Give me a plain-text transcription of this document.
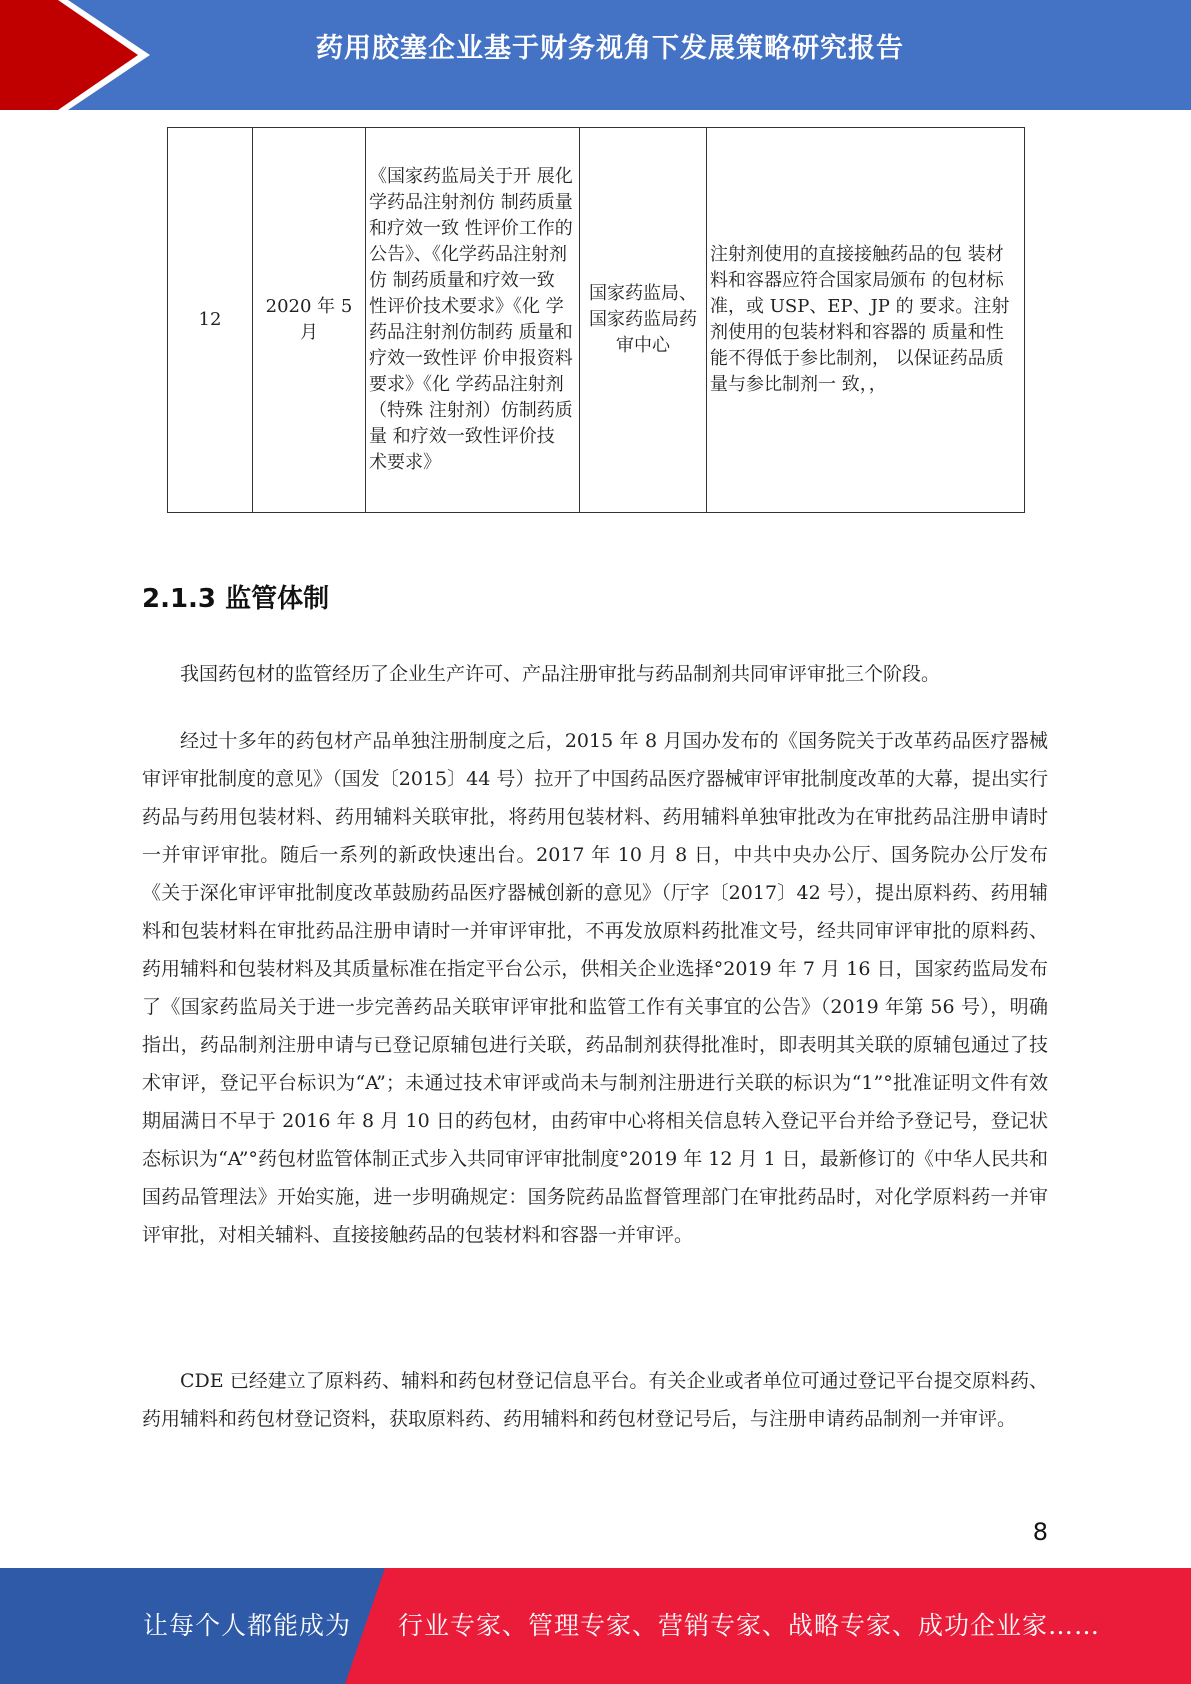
药用胶塞企业基于财务视角下发展策略研究报告
12	2020 年 5 月	《国家药监局关于开 展化学药品注射剂仿 制药质量和疗效一致 性评价工作的公告》、《化学药品注射剂仿 制药质量和疗效一致 性评价技术要求》《化 学药品注射剂仿制药 质量和疗效一致性评 价申报资料要求》《化 学药品注射剂（特殊 注射剂）仿制药质量 和疗效一致性评价技 术要求》	国家药监局、国家药监局药审中心	注射剂使用的直接接触药品的包 装材料和容器应符合国家局颁布 的包材标准，或 USP、EP、JP 的 要求。注射剂使用的包装材料和容器的 质量和性能不得低于参比制剂， 以保证药品质量与参比制剂一 致，，
2.1.3 监管体制

我国药包材的监管经历了企业生产许可、产品注册审批与药品制剂共同审评审批三个阶段。

经过十多年的药包材产品单独注册制度之后，2015 年 8 月国办发布的《国务院关于改革药品医疗器械审评审批制度的意见》（国发〔2015〕44 号）拉开了中国药品医疗器械审评审批制度改革的大幕，提出实行药品与药用包装材料、药用辅料关联审批，将药用包装材料、药用辅料单独审批改为在审批药品注册申请时一并审评审批。随后一系列的新政快速出台。2017 年 10 月 8 日，中共中央办公厅、国务院办公厅发布《关于深化审评审批制度改革鼓励药品医疗器械创新的意见》（厅字〔2017〕42 号），提出原料药、药用辅料和包装材料在审批药品注册申请时一并审评审批，不再发放原料药批准文号，经共同审评审批的原料药、药用辅料和包装材料及其质量标准在指定平台公示，供相关企业选择°2019 年 7 月 16 日，国家药监局发布了《国家药监局关于进一步完善药品关联审评审批和监管工作有关事宜的公告》（2019 年第 56 号），明确指出，药品制剂注册申请与已登记原辅包进行关联，药品制剂获得批准时，即表明其关联的原辅包通过了技术审评，登记平台标识为“A”；未通过技术审评或尚未与制剂注册进行关联的标识为“1”°批准证明文件有效期届满日不早于 2016 年 8 月 10 日的药包材，由药审中心将相关信息转入登记平台并给予登记号，登记状态标识为“A”°药包材监管体制正式步入共同审评审批制度°2019 年 12 月 1 日，最新修订的《中华人民共和国药品管理法》开始实施，进一步明确规定：国务院药品监督管理部门在审批药品时，对化学原料药一并审评审批，对相关辅料、直接接触药品的包装材料和容器一并审评。

CDE 已经建立了原料药、辅料和药包材登记信息平台。有关企业或者单位可通过登记平台提交原料药、药用辅料和药包材登记资料，获取原料药、药用辅料和药包材登记号后，与注册申请药品制剂一并审评。

8
让每个人都能成为 行业专家、管理专家、营销专家、战略专家、成功企业家……
